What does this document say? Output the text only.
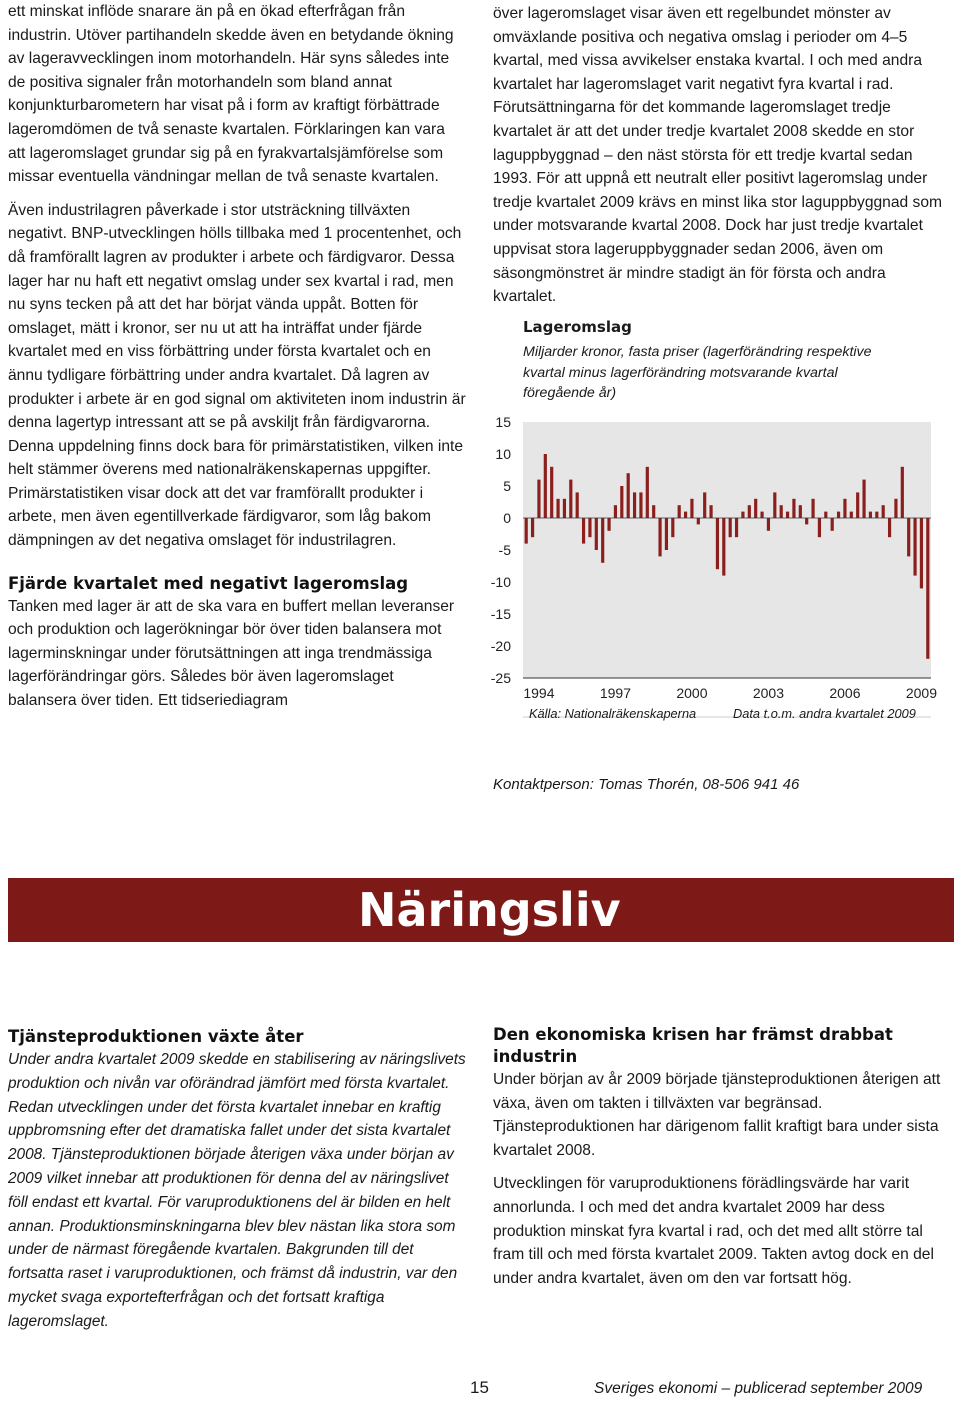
ett minskat inflöde snarare än på en ökad efterfrågan från industrin. Utöver partihandeln skedde även en betydande ökning av lageravvecklingen inom motorhandeln. Här syns således inte de positiva signaler från motorhandeln som bland annat konjunkturbarometern har visat på i form av kraftigt förbättrade lageromdömen de två senaste kvartalen. Förklaringen kan vara att lageromslaget grundar sig på en fyrakvartalsjämförelse som missar eventuella vändningar mellan de två senaste kvartalen.

Även industrilagren påverkade i stor utsträckning tillväxten negativt. BNP-utvecklingen hölls tillbaka med 1 procentenhet, och då framförallt lagren av produkter i arbete och färdigvaror. Dessa lager har nu haft ett negativt omslag under sex kvartal i rad, men nu syns tecken på att det har börjat vända uppåt. Botten för omslaget, mätt i kronor, ser nu ut att ha inträffat under fjärde kvartalet med en viss förbättring under första kvartalet och en ännu tydligare förbättring under andra kvartalet. Då lagren av produkter i arbete är en god signal om aktiviteten inom industrin är denna lagertyp intressant att se på avskiljt från färdigvarorna. Denna uppdelning finns dock bara för primärstatistiken, vilken inte helt stämmer överens med nationalräkenskapernas uppgifter. Primärstatistiken visar dock att det var framförallt produkter i arbete, men även egentillverkade färdigvaror, som låg bakom dämpningen av det negativa omslaget för industrilagren.

Fjärde kvartalet med negativt lageromslag

Tanken med lager är att de ska vara en buffert mellan leveranser och produktion och lagerökningar bör över tiden balansera mot lagerminskningar under förutsättningen att inga trendmässiga lagerförändringar görs. Således bör även lageromslaget balansera över tiden. Ett tidseriediagram

över lageromslaget visar även ett regelbundet mönster av omväxlande positiva och negativa omslag i perioder om 4–5 kvartal, med vissa avvikelser enstaka kvartal. I och med andra kvartalet har lageromslaget varit negativt fyra kvartal i rad. Förutsättningarna för det kommande lageromslaget tredje kvartalet är att det under tredje kvartalet 2008 skedde en stor laguppbyggnad – den näst största för ett tredje kvartal sedan 1993. För att uppnå ett neutralt eller positivt lageromslag under tredje kvartalet 2009 krävs en minst lika stor laguppbyggnad som under motsvarande kvartal 2008. Dock har just tredje kvartalet uppvisat stora lageruppbyggnader sedan 2006, även om säsongmönstret är mindre stadigt än för första och andra kvartalet.

15
10
5
0
-5
-10
-15
-20
-25
1994	1997	2000	2003	2006	2009
Lageromslag
Miljarder kronor, fasta priser (lagerförändring respektive kvartal minus lagerförändring motsvarande kvartal föregående år)
Källa: Nationalräkenskaperna	Data t.o.m. andra kvartalet 2009
Kontaktperson: Tomas Thorén, 08-506 941 46
Näringsliv
Tjänsteproduktionen växte åter

Under andra kvartalet 2009 skedde en stabilisering av näringslivets produktion och nivån var oförändrad jämfört med första kvartalet. Redan utvecklingen under det första kvartalet innebar en kraftig uppbromsning efter det dramatiska fallet under det sista kvartalet 2008. Tjänsteproduktionen började återigen växa under början av 2009 vilket innebar att produktionen för denna del av näringslivet föll endast ett kvartal. För varuproduktionens del är bilden en helt annan. Produktionsminskningarna blev blev nästan lika stora som under de närmast föregående kvartalen. Bakgrunden till det fortsatta raset i varuproduktionen, och främst då industrin, var den mycket svaga exportefterfrågan och det fortsatt kraftiga lageromslaget.

Den ekonomiska krisen har främst drabbat industrin

Under början av år 2009 började tjänsteproduktionen återigen att växa, även om takten i tillväxten var begränsad. Tjänsteproduktionen har därigenom fallit kraftigt bara under sista kvartalet 2008.

Utvecklingen för varuproduktionens förädlingsvärde har varit annorlunda. I och med det andra kvartalet 2009 har dess produktion minskat fyra kvartal i rad, och det med allt större tal fram till och med första kvartalet 2009. Takten avtog dock en del under andra kvartalet, även om den var fortsatt hög.

15	Sveriges ekonomi – publicerad september 2009
